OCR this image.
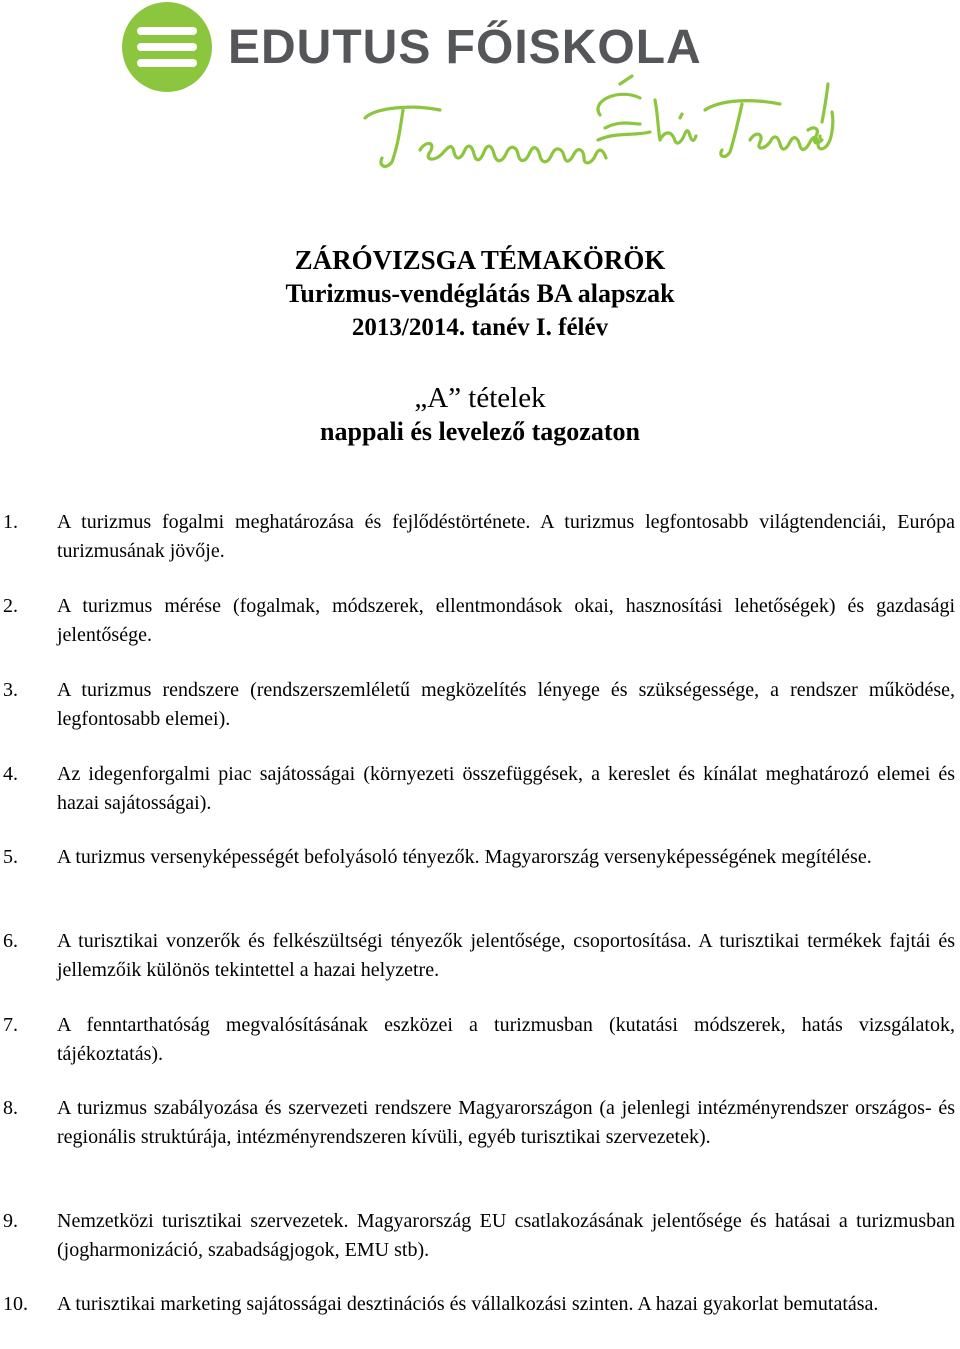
EDUTUS FŐISKOLA
ZÁRÓVIZSGA TÉMAKÖRÖK
Turizmus-vendéglátás BA alapszak
2013/2014. tanév I. félév
„A” tételek
nappali és levelező tagozaton
1. A turizmus fogalmi meghatározása és fejlődéstörténete. A turizmus legfontosabb világtendenciái, Európa turizmusának jövője.
2. A turizmus mérése (fogalmak, módszerek, ellentmondások okai, hasznosítási lehetőségek) és gazdasági jelentősége.
3. A turizmus rendszere (rendszerszemléletű megközelítés lényege és szükségessége, a rendszer működése, legfontosabb elemei).
4. Az idegenforgalmi piac sajátosságai (környezeti összefüggések, a kereslet és kínálat meghatározó elemei és hazai sajátosságai).
5. A turizmus versenyképességét befolyásoló tényezők. Magyarország versenyképességének megítélése.
6. A turisztikai vonzerők és felkészültségi tényezők jelentősége, csoportosítása. A turisztikai termékek fajtái és jellemzőik különös tekintettel a hazai helyzetre.
7. A fenntarthatóság megvalósításának eszközei a turizmusban (kutatási módszerek, hatás vizsgálatok, tájékoztatás).
8. A turizmus szabályozása és szervezeti rendszere Magyarországon (a jelenlegi intézményrendszer országos- és regionális struktúrája, intézményrendszeren kívüli, egyéb turisztikai szervezetek).
9. Nemzetközi turisztikai szervezetek. Magyarország EU csatlakozásának jelentősége és hatásai a turizmusban (jogharmonizáció, szabadságjogok, EMU stb).
10. A turisztikai marketing sajátosságai desztinációs és vállalkozási szinten. A hazai gyakorlat bemutatása.
